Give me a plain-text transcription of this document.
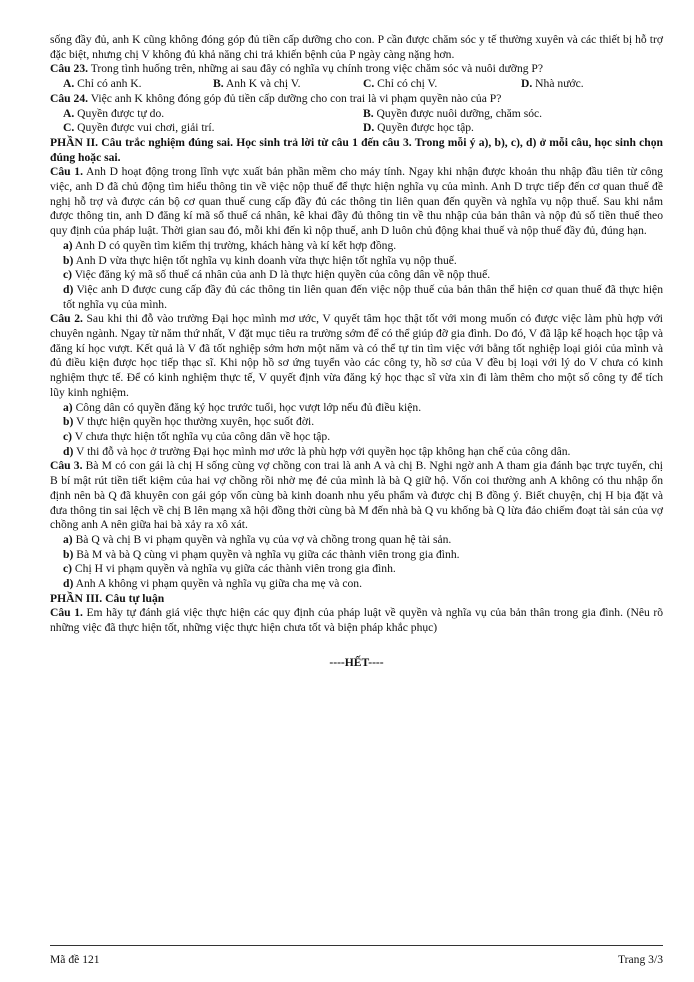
sống đầy đủ, anh K cũng không đóng góp đủ tiền cấp dưỡng cho con. P cần được chăm sóc y tế thường xuyên và các thiết bị hỗ trợ đặc biệt, nhưng chị V không đủ khả năng chi trả khiến bệnh của P ngày càng nặng hơn.

Câu 23. Trong tình huống trên, những ai sau đây có nghĩa vụ chính trong việc chăm sóc và nuôi dưỡng P?

A. Chỉ có anh K.	B. Anh K và chị V.	C. Chỉ có chị V.	D. Nhà nước.

Câu 24. Việc anh K không đóng góp đủ tiền cấp dưỡng cho con trai là vi phạm quyền nào của P?

A. Quyền được tự do.	B. Quyền được nuôi dưỡng, chăm sóc.
C. Quyền được vui chơi, giải trí.	D. Quyền được học tập.

PHẦN II. Câu trắc nghiệm đúng sai. Học sinh trả lời từ câu 1 đến câu 3. Trong mỗi ý a), b), c), d) ở mỗi câu, học sinh chọn đúng hoặc sai.

Câu 1. Anh D hoạt động trong lĩnh vực xuất bản phần mềm cho máy tính. Ngay khi nhận được khoản thu nhập đầu tiên từ công việc, anh D đã chủ động tìm hiểu thông tin về việc nộp thuế để thực hiện nghĩa vụ của mình. Anh D trực tiếp đến cơ quan thuế đề nghị hỗ trợ và được cán bộ cơ quan thuế cung cấp đầy đủ các thông tin liên quan đến quyền và nghĩa vụ nộp thuế. Sau khi nắm được thông tin, anh D đăng kí mã số thuế cá nhân, kê khai đầy đủ thông tin về thu nhập của bản thân và nộp đủ số tiền thuế theo quy định của pháp luật. Thời gian sau đó, mỗi khi đến kì nộp thuế, anh D luôn chủ động khai thuế và nộp thuế đầy đủ, đúng hạn.

a) Anh D có quyền tìm kiếm thị trường, khách hàng và kí kết hợp đồng.

b) Anh D vừa thực hiện tốt nghĩa vụ kinh doanh vừa thực hiện tốt nghĩa vụ nộp thuế.

c) Việc đăng ký mã số thuế cá nhân của anh D là thực hiện quyền của công dân về nộp thuế.

d) Việc anh D được cung cấp đầy đủ các thông tin liên quan đến việc nộp thuế của bản thân thể hiện cơ quan thuế đã thực hiện tốt nghĩa vụ của mình.

Câu 2. Sau khi thi đỗ vào trường Đại học mình mơ ước, V quyết tâm học thật tốt với mong muốn có được việc làm phù hợp với chuyên ngành. Ngay từ năm thứ nhất, V đặt mục tiêu ra trường sớm để có thể giúp đỡ gia đình. Do đó, V đã lập kế hoạch học tập và đăng kí học vượt. Kết quả là V đã tốt nghiệp sớm hơn một năm và có thể tự tin tìm việc với bằng tốt nghiệp loại giỏi của mình và đủ điều kiện được học tiếp thạc sĩ. Khi nộp hồ sơ ứng tuyển vào các công ty, hồ sơ của V đều bị loại với lý do V chưa có kinh nghiệm thực tế. Để có kinh nghiệm thực tế, V quyết định vừa đăng ký học thạc sĩ vừa xin đi làm thêm cho một số công ty để tích lũy kinh nghiệm.

a) Công dân có quyền đăng ký học trước tuổi, học vượt lớp nếu đủ điều kiện.

b) V thực hiện quyền học thường xuyên, học suốt đời.

c) V chưa thực hiện tốt nghĩa vụ của công dân về học tập.

d) V thi đỗ và học ở trường Đại học mình mơ ước là phù hợp với quyền học tập không hạn chế của công dân.

Câu 3. Bà M có con gái là chị H sống cùng vợ chồng con trai là anh A và chị B. Nghi ngờ anh A tham gia đánh bạc trực tuyến, chị B bí mật rút tiền tiết kiệm của hai vợ chồng rồi nhờ mẹ đẻ của mình là bà Q giữ hộ. Vốn coi thường anh A không có thu nhập ổn định nên bà Q đã khuyên con gái góp vốn cùng bà kinh doanh nhu yếu phẩm và được chị B đồng ý. Biết chuyện, chị H bịa đặt và đưa thông tin sai lệch về chị B lên mạng xã hội đồng thời cùng bà M đến nhà bà Q vu khống bà Q lừa đảo chiếm đoạt tài sản của vợ chồng anh A nên giữa hai bà xảy ra xô xát.

a) Bà Q và chị B vi phạm quyền và nghĩa vụ của vợ và chồng trong quan hệ tài sản.

b) Bà M và bà Q cùng vi phạm quyền và nghĩa vụ giữa các thành viên trong gia đình.

c) Chị H vi phạm quyền và nghĩa vụ giữa các thành viên trong gia đình.

d) Anh A không vi phạm quyền và nghĩa vụ giữa cha mẹ và con.

PHẦN III. Câu tự luận

Câu 1. Em hãy tự đánh giá việc thực hiện các quy định của pháp luật về quyền và nghĩa vụ của bản thân trong gia đình. (Nêu rõ những việc đã thực hiện tốt, những việc thực hiện chưa tốt và biện pháp khắc phục)

----HẾT----

Mã đề 121	Trang 3/3
